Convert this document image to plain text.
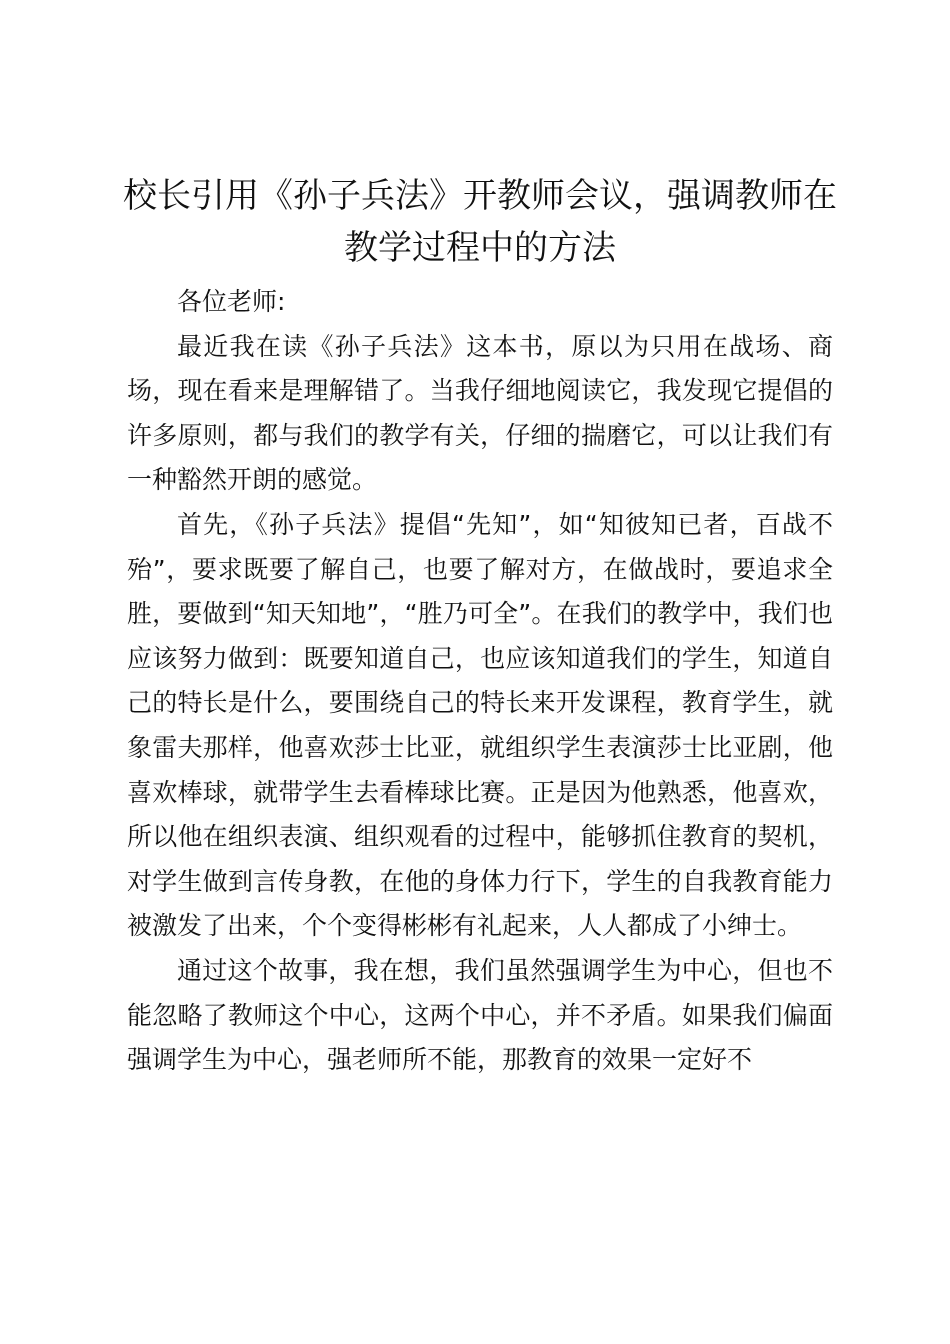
校长引用《孙子兵法》开教师会议，强调教师在教学过程中的方法

各位老师:

最近我在读《孙子兵法》这本书，原以为只用在战场、商场，现在看来是理解错了。当我仔细地阅读它，我发现它提倡的许多原则，都与我们的教学有关，仔细的揣磨它，可以让我们有一种豁然开朗的感觉。

首先，《孙子兵法》提倡“先知”，如“知彼知已者，百战不殆”，要求既要了解自己，也要了解对方，在做战时，要追求全胜，要做到“知天知地”，“胜乃可全”。在我们的教学中，我们也应该努力做到：既要知道自己，也应该知道我们的学生，知道自己的特长是什么，要围绕自己的特长来开发课程，教育学生，就象雷夫那样，他喜欢莎士比亚，就组织学生表演莎士比亚剧，他喜欢棒球，就带学生去看棒球比赛。正是因为他熟悉，他喜欢，所以他在组织表演、组织观看的过程中，能够抓住教育的契机，对学生做到言传身教，在他的身体力行下，学生的自我教育能力被激发了出来，个个变得彬彬有礼起来，人人都成了小绅士。

通过这个故事，我在想，我们虽然强调学生为中心，但也不能忽略了教师这个中心，这两个中心，并不矛盾。如果我们偏面强调学生为中心，强老师所不能，那教育的效果一定好不
